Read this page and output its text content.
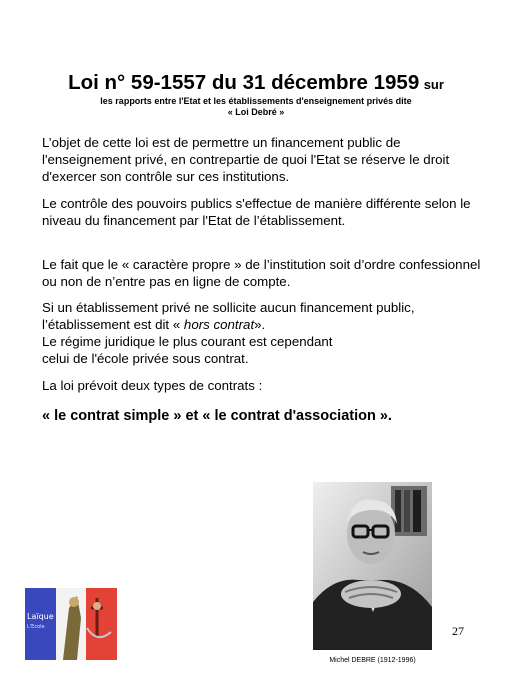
Loi n° 59-1557 du 31 décembre 1959 sur
les rapports entre l'Etat et les établissements d'enseignement privés dite
« Loi Debré »
L’objet de cette loi est de permettre un financement public de l'enseignement privé, en contrepartie de quoi l'Etat se réserve le droit d'exercer son contrôle sur ces institutions.
Le contrôle des pouvoirs publics s'effectue de manière différente selon le niveau du financement par l'Etat de l’établissement.
Le fait que le « caractère propre » de l’institution soit d’ordre confessionnel ou non de n’entre pas en ligne de compte.
Si un établissement privé ne sollicite aucun financement public, l’établissement est dit « hors contrat».
Le régime juridique le plus courant est cependant
celui de l'école privée sous contrat.
La loi prévoit deux types de contrats :
« le contrat simple » et « le contrat d'association ».
Michel DEBRE (1912-1996)
Laïque
L'Ecole	27
